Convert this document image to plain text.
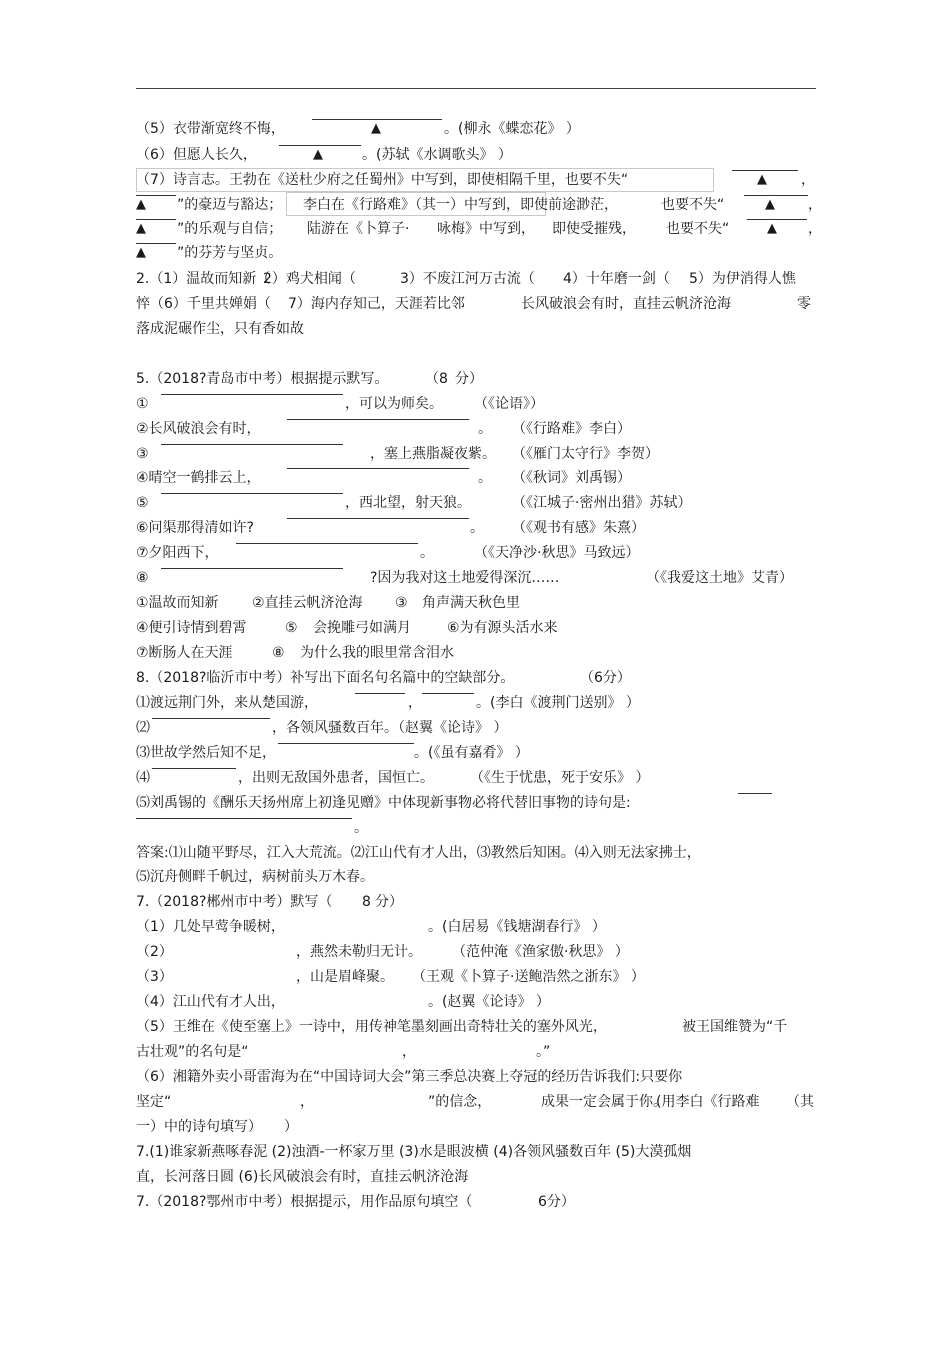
（5）衣带渐宽终不悔，

	▲

	。(柳永《蝶恋花》 ）

（6）但愿人长久，

	▲

	。(苏轼《水调歌头》 ）

（7）诗言志。王勃在《送杜少府之任蜀州》中写到，即使相隔千里，也要不失“

	▲

，

▲

”的豪迈与豁达；

李白在《行路难》（其一）中写到，即使前途渺茫，

	也要不失“

	▲

，

▲

”的乐观与自信；

陆游在《卜算子·

咏梅》中写到，

即使受摧残，

也要不失“

	▲

，

▲

”的芬芳与坚贞。

2.（1）温故而知新（

2）鸡犬相闻（

	3）不废江河万古流（

4）十年磨一剑（

5）为伊消得人憔

悴（6）千里共婵娟（

7）海内存知己，天涯若比邻

	长风破浪会有时，直挂云帆济沧海

	零

落成泥碾作尘，只有香如故

5.（2018?青岛市中考）根据提示默写。

	（8

分）

①

	，可以为师矣。

（《论语》）

②长风破浪会有时，

	。

（《行路难》李白）

③

	，塞上燕脂凝夜紫。

（《雁门太守行》李贺）

④晴空一鹤排云上，

	。

（《秋词》刘禹锡）

⑤

	，西北望，射天狼。

	（《江城子·密州出猎》苏轼）

⑥问渠那得清如许?

	。

（《观书有感》朱熹）

⑦夕阳西下，

	。

	（《天净沙·秋思》马致远）

⑧

	?因为我对这土地爱得深沉……

	（《我爱这土地》艾青）

①温故而知新

②直挂云帆济沧海

③

角声满天秋色里

④便引诗情到碧霄

	⑤

会挽雕弓如满月

	⑥为有源头活水来

⑦断肠人在天涯

	⑧

为什么我的眼里常含泪水

8.（2018?临沂市中考）补写出下面名句名篇中的空缺部分。

	（6分）

⑴渡远荆门外，来从楚国游，

	，

	。(李白《渡荆门送别》 ）

⑵

	，各领风骚数百年。（赵翼《论诗》 ）

⑶世故学然后知不足，

	。(《虽有嘉肴》 ）

⑷

	，出则无敌国外患者，国恒亡。

	（《生于忧患，死于安乐》 ）

⑸刘禹锡的《酬乐天扬州席上初逢见赠》中体现新事物必将代替旧事物的诗句是:

。

答案:⑴山随平野尽，江入大荒流。⑵江山代有才人出，⑶教然后知困。⑷入则无法家拂士，

⑸沉舟侧畔千帆过，病树前头万木春。

7.（2018?郴州市中考）默写（

8

分）

（1）几处早莺争暖树，

	。(白居易《钱塘湖春行》 ）

（2）

	，燕然未勒归无计。

（范仲淹《渔家傲·秋思》 ）

（3）

	，山是眉峰聚。

（王观《卜算子·送鲍浩然之浙东》 ）

（4）江山代有才人出，

	。(赵翼《论诗》 ）

（5）王维在《使至塞上》一诗中，用传神笔墨刻画出奇特壮关的塞外风光，

	被王国维赞为“千

古壮观”的名句是“

	，

	。”

（6）湘籍外卖小哥雷海为在“中国诗词大会”第三季总决赛上夺冠的经历告诉我们:只要你

坚定“

	，

	”的信念，

	成果一定会属于你。

(用李白《行路难

（其

一）中的诗句填写）

）

7.(1)谁家新燕啄春泥 (2)浊酒-一杯家万里 (3)水是眼波横 (4)各领风骚数百年 (5)大漠孤烟

直，长河落日圆 (6)长风破浪会有时，直挂云帆济沧海

7.（2018?鄂州市中考）根据提示，用作品原句填空（

	6分）
